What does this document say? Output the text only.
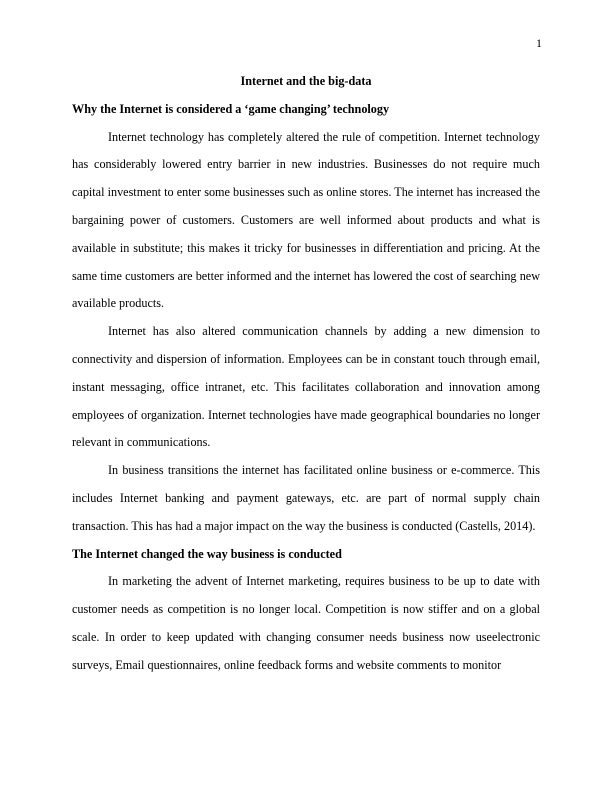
1

Internet and the big-data

Why the Internet is considered a ‘game changing’ technology

Internet technology has completely altered the rule of competition. Internet technology has considerably lowered entry barrier in new industries. Businesses do not require much capital investment to enter some businesses such as online stores. The internet has increased the bargaining power of customers. Customers are well informed about products and what is available in substitute; this makes it tricky for businesses in differentiation and pricing. At the same time customers are better informed and the internet has lowered the cost of searching new available products.

Internet has also altered communication channels by adding a new dimension to connectivity and dispersion of information. Employees can be in constant touch through email, instant messaging, office intranet, etc. This facilitates collaboration and innovation among employees of organization. Internet technologies have made geographical boundaries no longer relevant in communications.

In business transitions the internet has facilitated online business or e-commerce. This includes Internet banking and payment gateways, etc. are part of normal supply chain transaction. This has had a major impact on the way the business is conducted (Castells, 2014).

The Internet changed the way business is conducted

In marketing the advent of Internet marketing, requires business to be up to date with customer needs as competition is no longer local. Competition is now stiffer and on a global scale. In order to keep updated with changing consumer needs business now useelectronic surveys, Email questionnaires, online feedback forms and website comments to monitor
